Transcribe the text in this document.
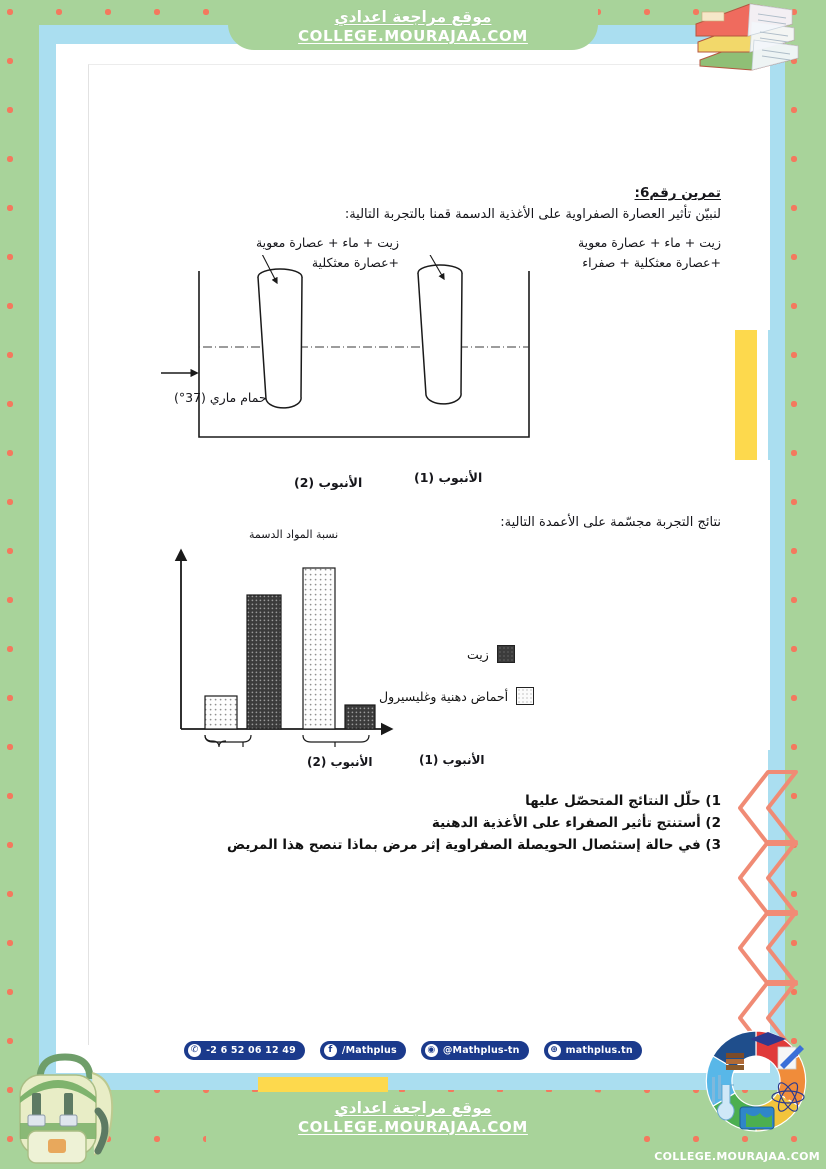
تمرين رقم6:
لنبيّن تأثير العصارة الصفراوية على الأغذية الدسمة قمنا بالتجربة التالية:
زيت + ماء + عصارة معوية
+عصارة معثكلية + صفراء
زيت + ماء + عصارة معوية
+عصارة معثكلية
حمام ماري (37°)
الأنبوب (1)
الأنبوب (2)
نتائج التجربة مجسّمة على الأعمدة التالية:
نسبة المواد الدسمة
الأنبوب (1)
الأنبوب (2)
زيت
أحماض دهنية وغليسيرول
1) حلّل النتائج المتحصّل عليها
2) أستنتج تأثير الصفراء على الأغذية الدهنية
3) في حالة إستئصال الحويصلة الصفراوية إثر مرض بماذا تنصح هذا المريض
✆ -2 6 52 06 12 49	f /Mathplus	◉ @Mathplus-tn	⊕ mathplus.tn
موقع مراجعة اعدادي
COLLEGE.MOURAJAA.COM
موقع مراجعة اعدادي
COLLEGE.MOURAJAA.COM
COLLEGE.MOURAJAA.COM
